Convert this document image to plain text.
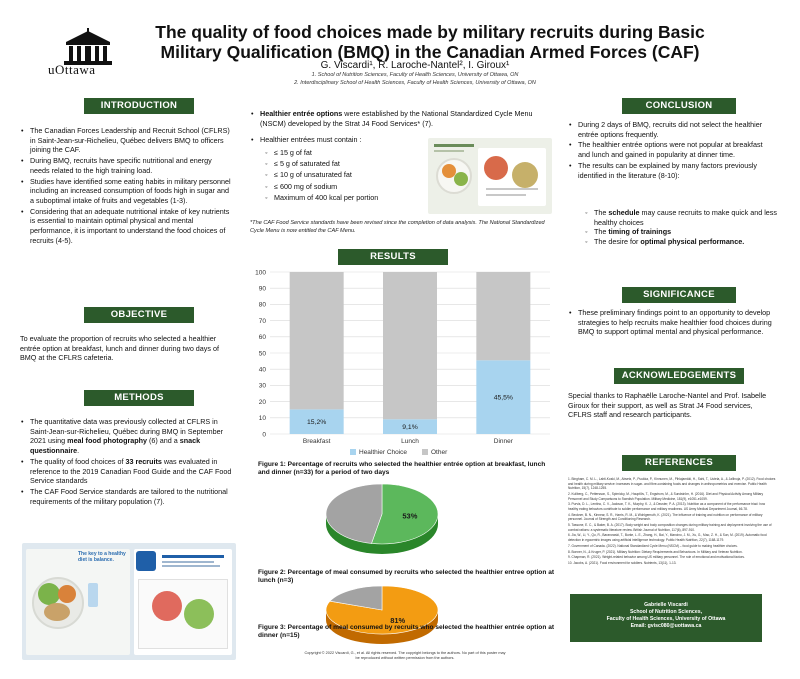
uOttawa
The quality of food choices made by military recruits during Basic Military Qualification (BMQ) in the Canadian Armed Forces (CAF)
G. Viscardi¹, R. Laroche-Nantel², I. Giroux¹
1. School of Nutrition Sciences, Faculty of Health Sciences, University of Ottawa, ON
2. Interdisciplinary School of Health Sciences, Faculty of Health Sciences, University of Ottawa, ON
INTRODUCTION
• The Canadian Forces Leadership and Recruit School (CFLRS) in Saint-Jean-sur-Richelieu, Québec delivers BMQ to officers joining the CAF.
• During BMQ, recruits have specific nutritional and energy needs related to the high training load.
• Studies have identified some eating habits in military personnel including an increased consumption of foods high in sugar and a suboptimal intake of fruits and vegetables (1-3).
• Considering that an adequate nutritional intake of key nutrients is essential to maintain optimal physical and mental performance, it is important to understand the food choices of recruits (4-5).
OBJECTIVE
To evaluate the proportion of recruits who selected a healthier entrée option at breakfast, lunch and dinner during two days of BMQ at the CFLRS cafeteria.
METHODS
• The quantitative data was previously collected at CFLRS in Saint-Jean-sur-Richelieu, Québec during BMQ in September 2021 using meal food photography (6) and a snack questionnaire.
• The quality of food choices of 33 recruits was evaluated in reference to the 2019 Canadian Food Guide and the CAF Food Service standards
• The CAF Food Service standards are tailored to the nutritional requirements of the military population (7).
The key to a healthy diet is balance.
• Healthier entrée options were established by the National Standardized Cycle Menu (NSCM) developed by the Strat J4 Food Services* (7).
• Healthier entrées must contain :
◦ ≤ 15 g of fat
◦ ≤ 5 g of saturated fat
◦ ≤ 10 g of unsaturated fat
◦ ≤ 600 mg of sodium
◦ Maximum of 400 kcal per portion
*The CAF Food Service standards have been revised since the completion of data analysis. The National Standardized Cycle Menu is now entitled the CAF Menu.
RESULTS
0
10
20
30
40
50
60
70
80
90
100
15,2%
Breakfast
9,1%
Lunch
45,5%
Dinner
Healthier Choice	Other
Figure 1: Percentage of recruits who selected the healthier entrée option at breakfast, lunch and dinner (n=33) for a period of two days
53%
Figure 2: Percentage of meal consumed by recruits who selected the healthier entree option at lunch (n=3)
81%
Figure 3: Percentage of meal consumed by recruits who selected the healthier entrée option at dinner (n=15)
CONCLUSION
• During 2 days of BMQ, recruits did not select the healthier entrée options frequently.
• The healthier entrée options were not popular at breakfast and lunch and gained in popularity at dinner time.
• The results can be explained by many factors previously identified in the literature (8-10):
◦ The schedule may cause recruits to make quick and less healthy choices
◦ The timing of trainings
◦ The desire for optimal physical performance.
SIGNIFICANCE
• These preliminary findings point to an opportunity to develop strategies to help recruits make healthier food choices during BMQ to support optimal mental and physical performance.
ACKNOWLEDGEMENTS
Special thanks to Raphaëlle Laroche-Nantel and Prof. Isabelle Giroux for their support, as well as Strat J4 Food services, CFLRS staff and research participants.
REFERENCES

1. Bingham, C. M. L., Lahti-Koski, M., Absetz, P., Puukka, P., Kinnunen, M., Pihlajamäki, H., Sahi, T., Uutela, A., & Jallinoja, P. (2012). Food choices and health during military service: increases in sugar- and fibre-containing foods and changes in anthropometrics and exercise. Public Health Nutrition, 15(7), 1248-1255.

2. Kullberg, C., Pettersson, S., Spirnicky, M., Hauptlöv, T., Engstrom, M., & Sundström, H. (2016). Diet and Physical Activity Among Military Personnel and Study Comparisons to Swedish Population. Military Medicine, 181(9), e1051-e1059.

3. Purvis, D. L., Lentino, C. V., Jackson, T. K., Murphy, K. J., & Deuster, P. A. (2013). Nutrition as a component of the performance triad: how healthy eating behaviors contribute to soldier performance and military readiness. US Army Medical Department Journal, 66-78.

4. Beckner, B. N., Kinnear, S. R., Harris, R. M., & Wohlgemuth, K. (2021). The influence of training and nutrition on performance of military personnel. Journal of Strength and Conditioning Research.

5. Tassone, E. C., & Baker, B. A. (2017). Body weight and body composition changes during military training and deployment involving the use of combat rations: a systematic literature review. British Journal of Nutrition, 117(6), 897-910.

6. Jia, W., Li, Y., Qu, R., Baranowski, T., Burke, L. E., Zhang, H., Bai, Y., Mancino, J. M., Xu, G., Mao, Z. H., & Sun, M. (2019). Automatic food detection in egocentric images using artificial intelligence technology. Public Health Nutrition, 22(7), 1168-1179.

7. Government of Canada. (2022). National Standardized Cycle Menu (NSCM) – food guide to making healthier choices.

8. Bonner, N., & Kruger, P. (2021). Military Nutrition: Dietary Requirements and Behaviours. In Military and Veteran Nutrition.

9. Chapman, R. (2021). Weight-related behavior among US military personnel. The role of emotional and motivational factors.

10. Jacobs, A. (2021). Food environment for soldiers. Nutrients, 13(11), 1-13.

Gabrielle Viscardi
School of Nutrition Sciences,
Faculty of Health Sciences, University of Ottawa
Email: gvisc080@uottawa.ca
Copyright © 2022 Viscardi, G., et al. All rights reserved. The copyright belongs to the authors. No part of this poster may
be reproduced without written permission from the authors.
